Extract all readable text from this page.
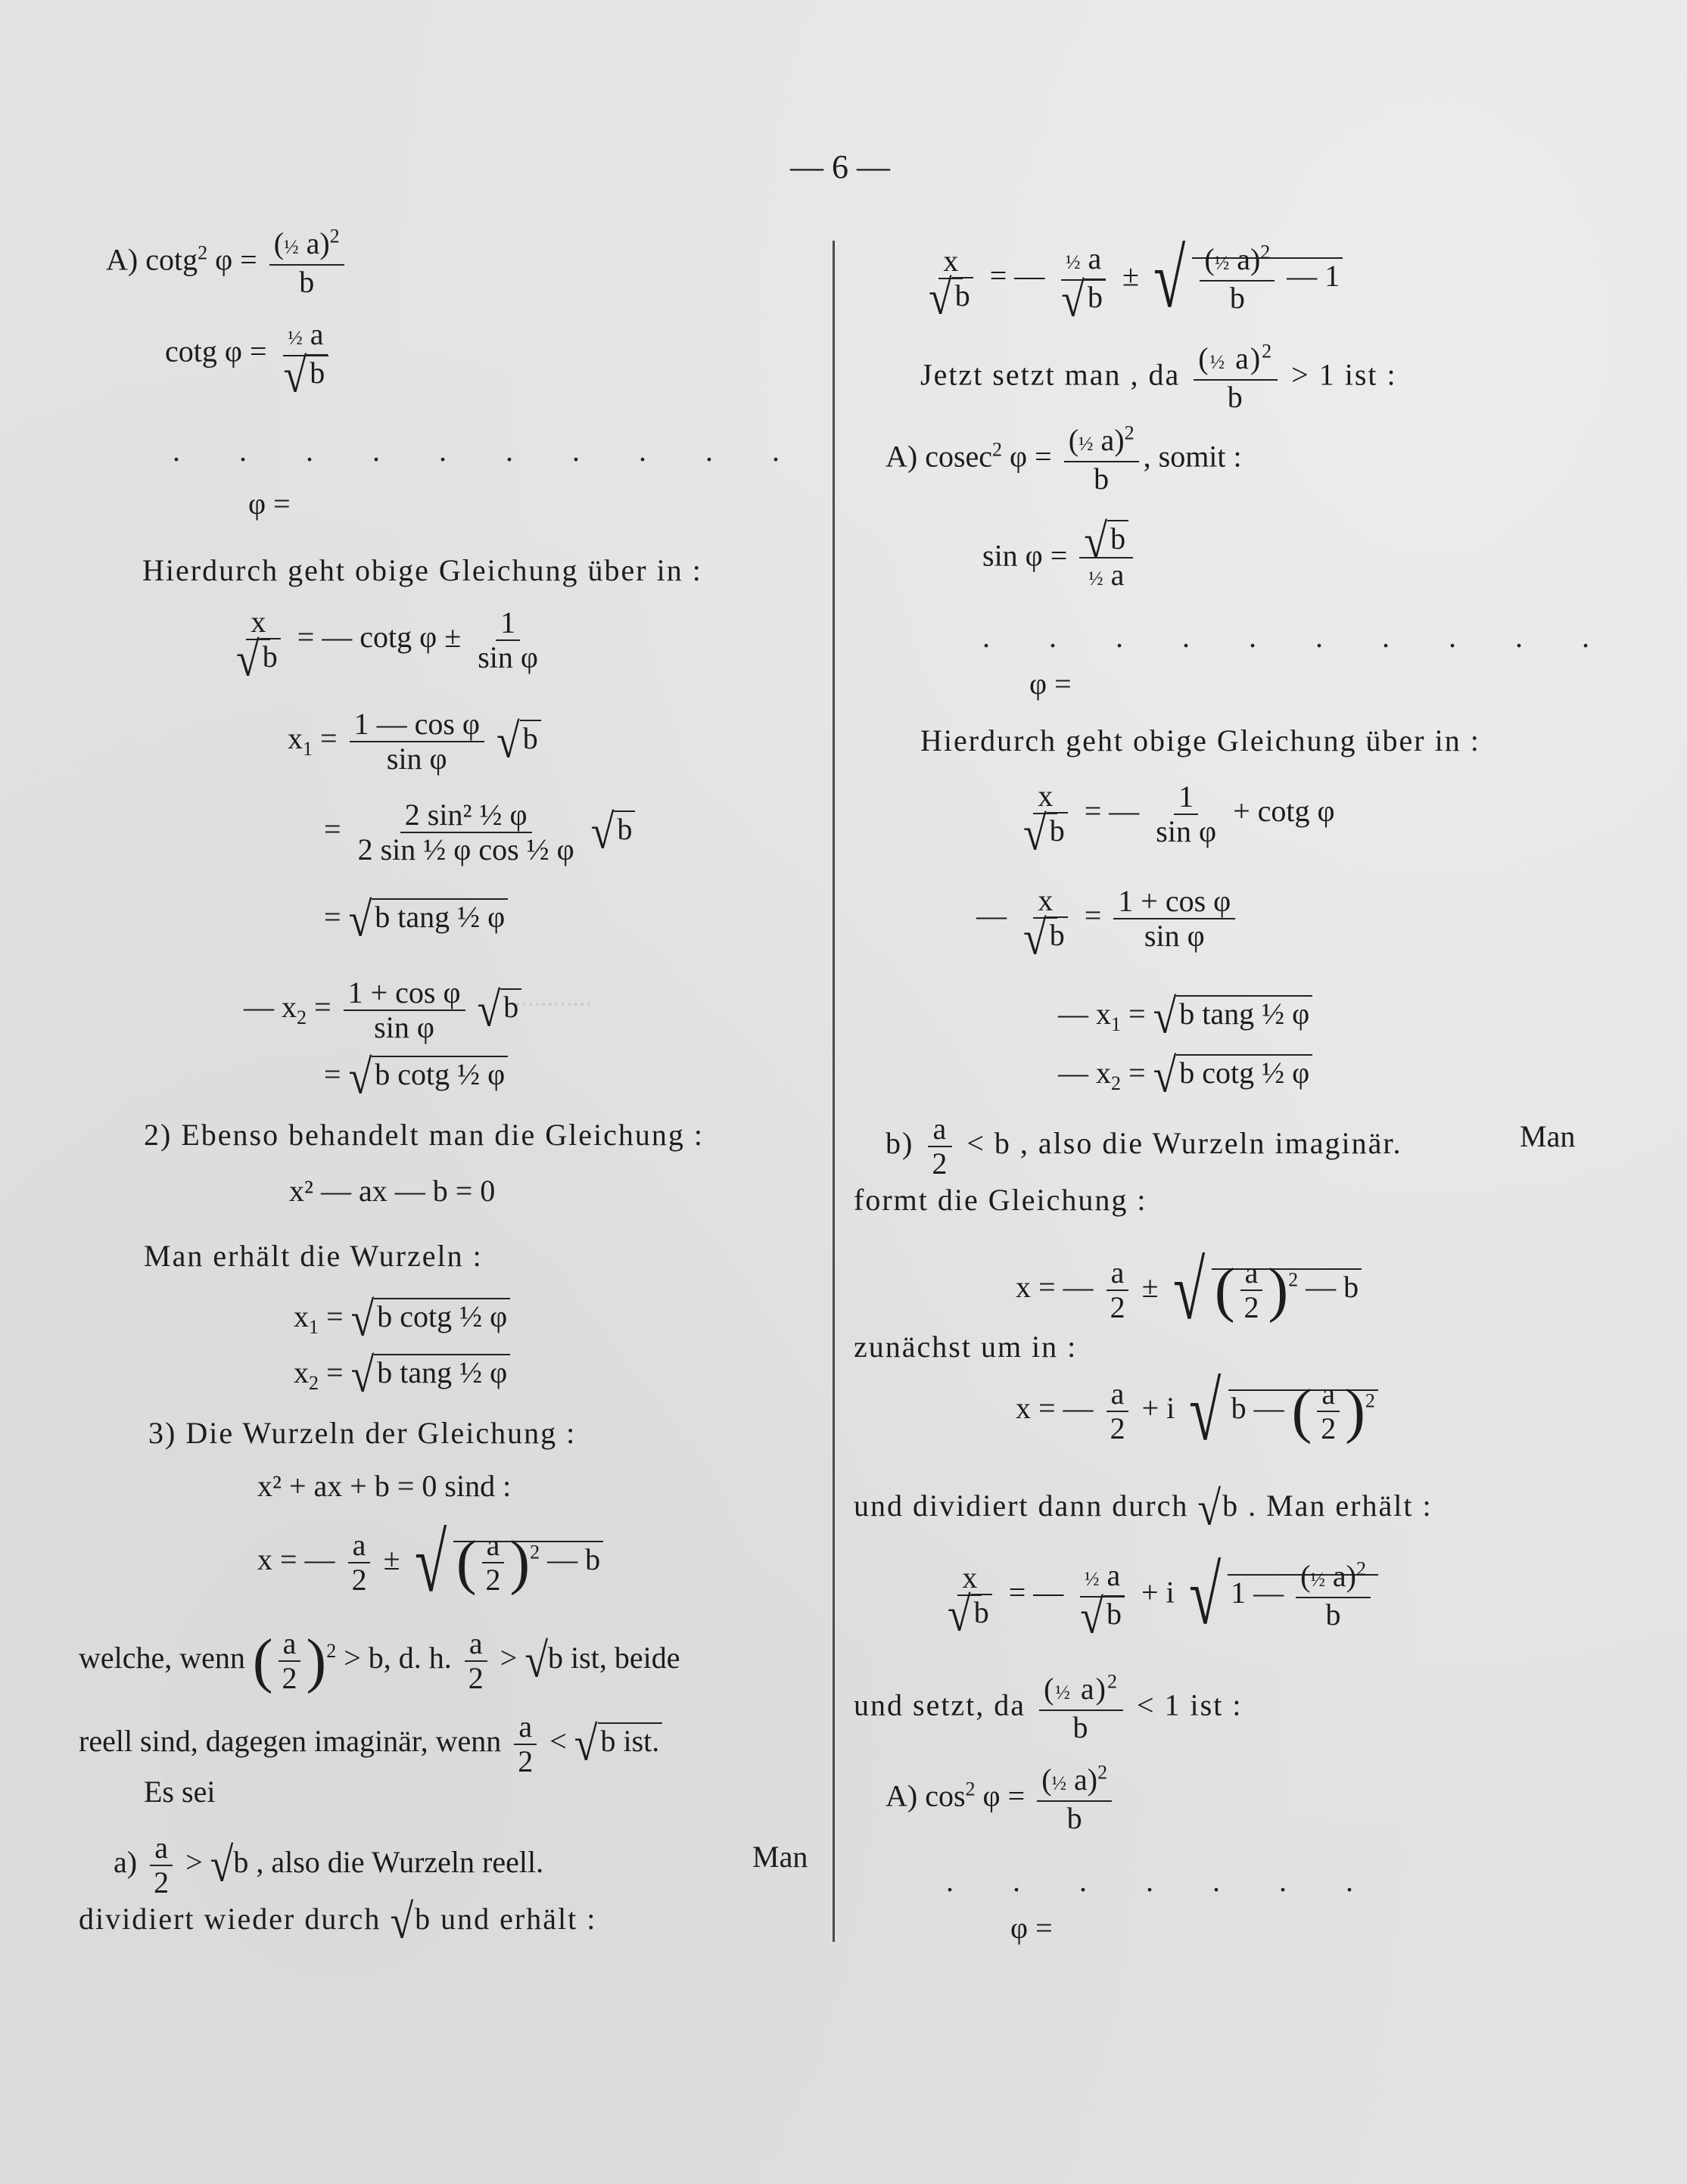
............
— 6 —
A) cotg$^2$ $\varphi = \frac{(\frac{1}{2} a)^2}{b}$
cotg $\varphi = \frac{\text{½ a}}{√ b}$
. . . . . . . . . .
φ =
Hierdurch geht obige Gleichung über in :
$\frac{x}{√ b}$ = — cotg $\varphi \pm \frac{1}{\text{sin φ}}$
$x_1 = \frac{\text{1 — cos φ}}{\text{sin φ}}$ √ b
= $\frac{\text{2 sin² ½ φ}}{\text{2 sin ½ φ cos ½ φ}}$ √ b
= √ b tang ½ φ
— $x_2 = \frac{\text{1 + cos φ}}{\text{sin φ}}$ √ b
= √ b cotg ½ φ
2) Ebenso behandelt man die Gleichung :
x² — ax — b = 0
Man erhält die Wurzeln :
$x_1$ = √ b cotg ½ φ
$x_2$ = √ b tang ½ φ
3) Die Wurzeln der Gleichung :
x² + ax + b = 0 sind :
x = — $\frac{a}{2}$ ± √ ( $\frac{a}{2} )^2$ — b
welche, wenn ( $\frac{a}{2} )^2 > b$, d. h. $\frac{a}{2} > √b$ ist, beide
reell sind, dagegen imaginär, wenn $\frac{a}{2}$ < √ b ist.
Es sei
$a) \frac{a}{2} > √b$ , also die Wurzeln reell.	Man
dividiert wieder durch √b und erhält :
$\frac{x}{√ b}$ = — $\frac{\text{½ a}}{√ b}$ ± √ $\frac{(\frac{1}{2} a)^2}{b}$ — 1
Jetzt setzt man , da $\frac{(\frac{1}{2} a)^2}{b} > 1$ ist :
A) cosec$^2$ $\varphi = \frac{(\frac{1}{2} a)^2}{b}$ , somit :
$\sin \varphi = \frac{√ b}{\text{½ a}}$
. . . . . . . . . .
φ =
Hierdurch geht obige Gleichung über in :
$\frac{x}{√ b}$ = — $\frac{1}{\text{sin φ}} + \cot g$ φ
— $\frac{x}{√ b} = \frac{\text{1 + cos φ}}{\text{sin φ}}$
— $x_1$ = √ b tang ½ φ
— $x_2$ = √ b cotg ½ φ
$b) \frac{a}{2} < b$ , also die Wurzeln imaginär.	Man
formt die Gleichung :
x = — $\frac{a}{2}$ ± √ ( $\frac{a}{2} )^2$ — b
zunächst um in :
x = — $\frac{a}{2} + i$ √ b — ( $\frac{a}{2} )^2$
und dividiert dann durch √b . Man erhält :
$\frac{x}{√ b}$ = — $\frac{\text{½ a}}{√ b} + i$ √ 1 — $\frac{(\frac{1}{2} a)^2}{b}$
und setzt, da $\frac{(\frac{1}{2} a)^2}{b} < 1$ ist :
A) $\cos^2 \varphi = \frac{(\frac{1}{2} a)^2}{b}$
. . . . . . .
φ =
